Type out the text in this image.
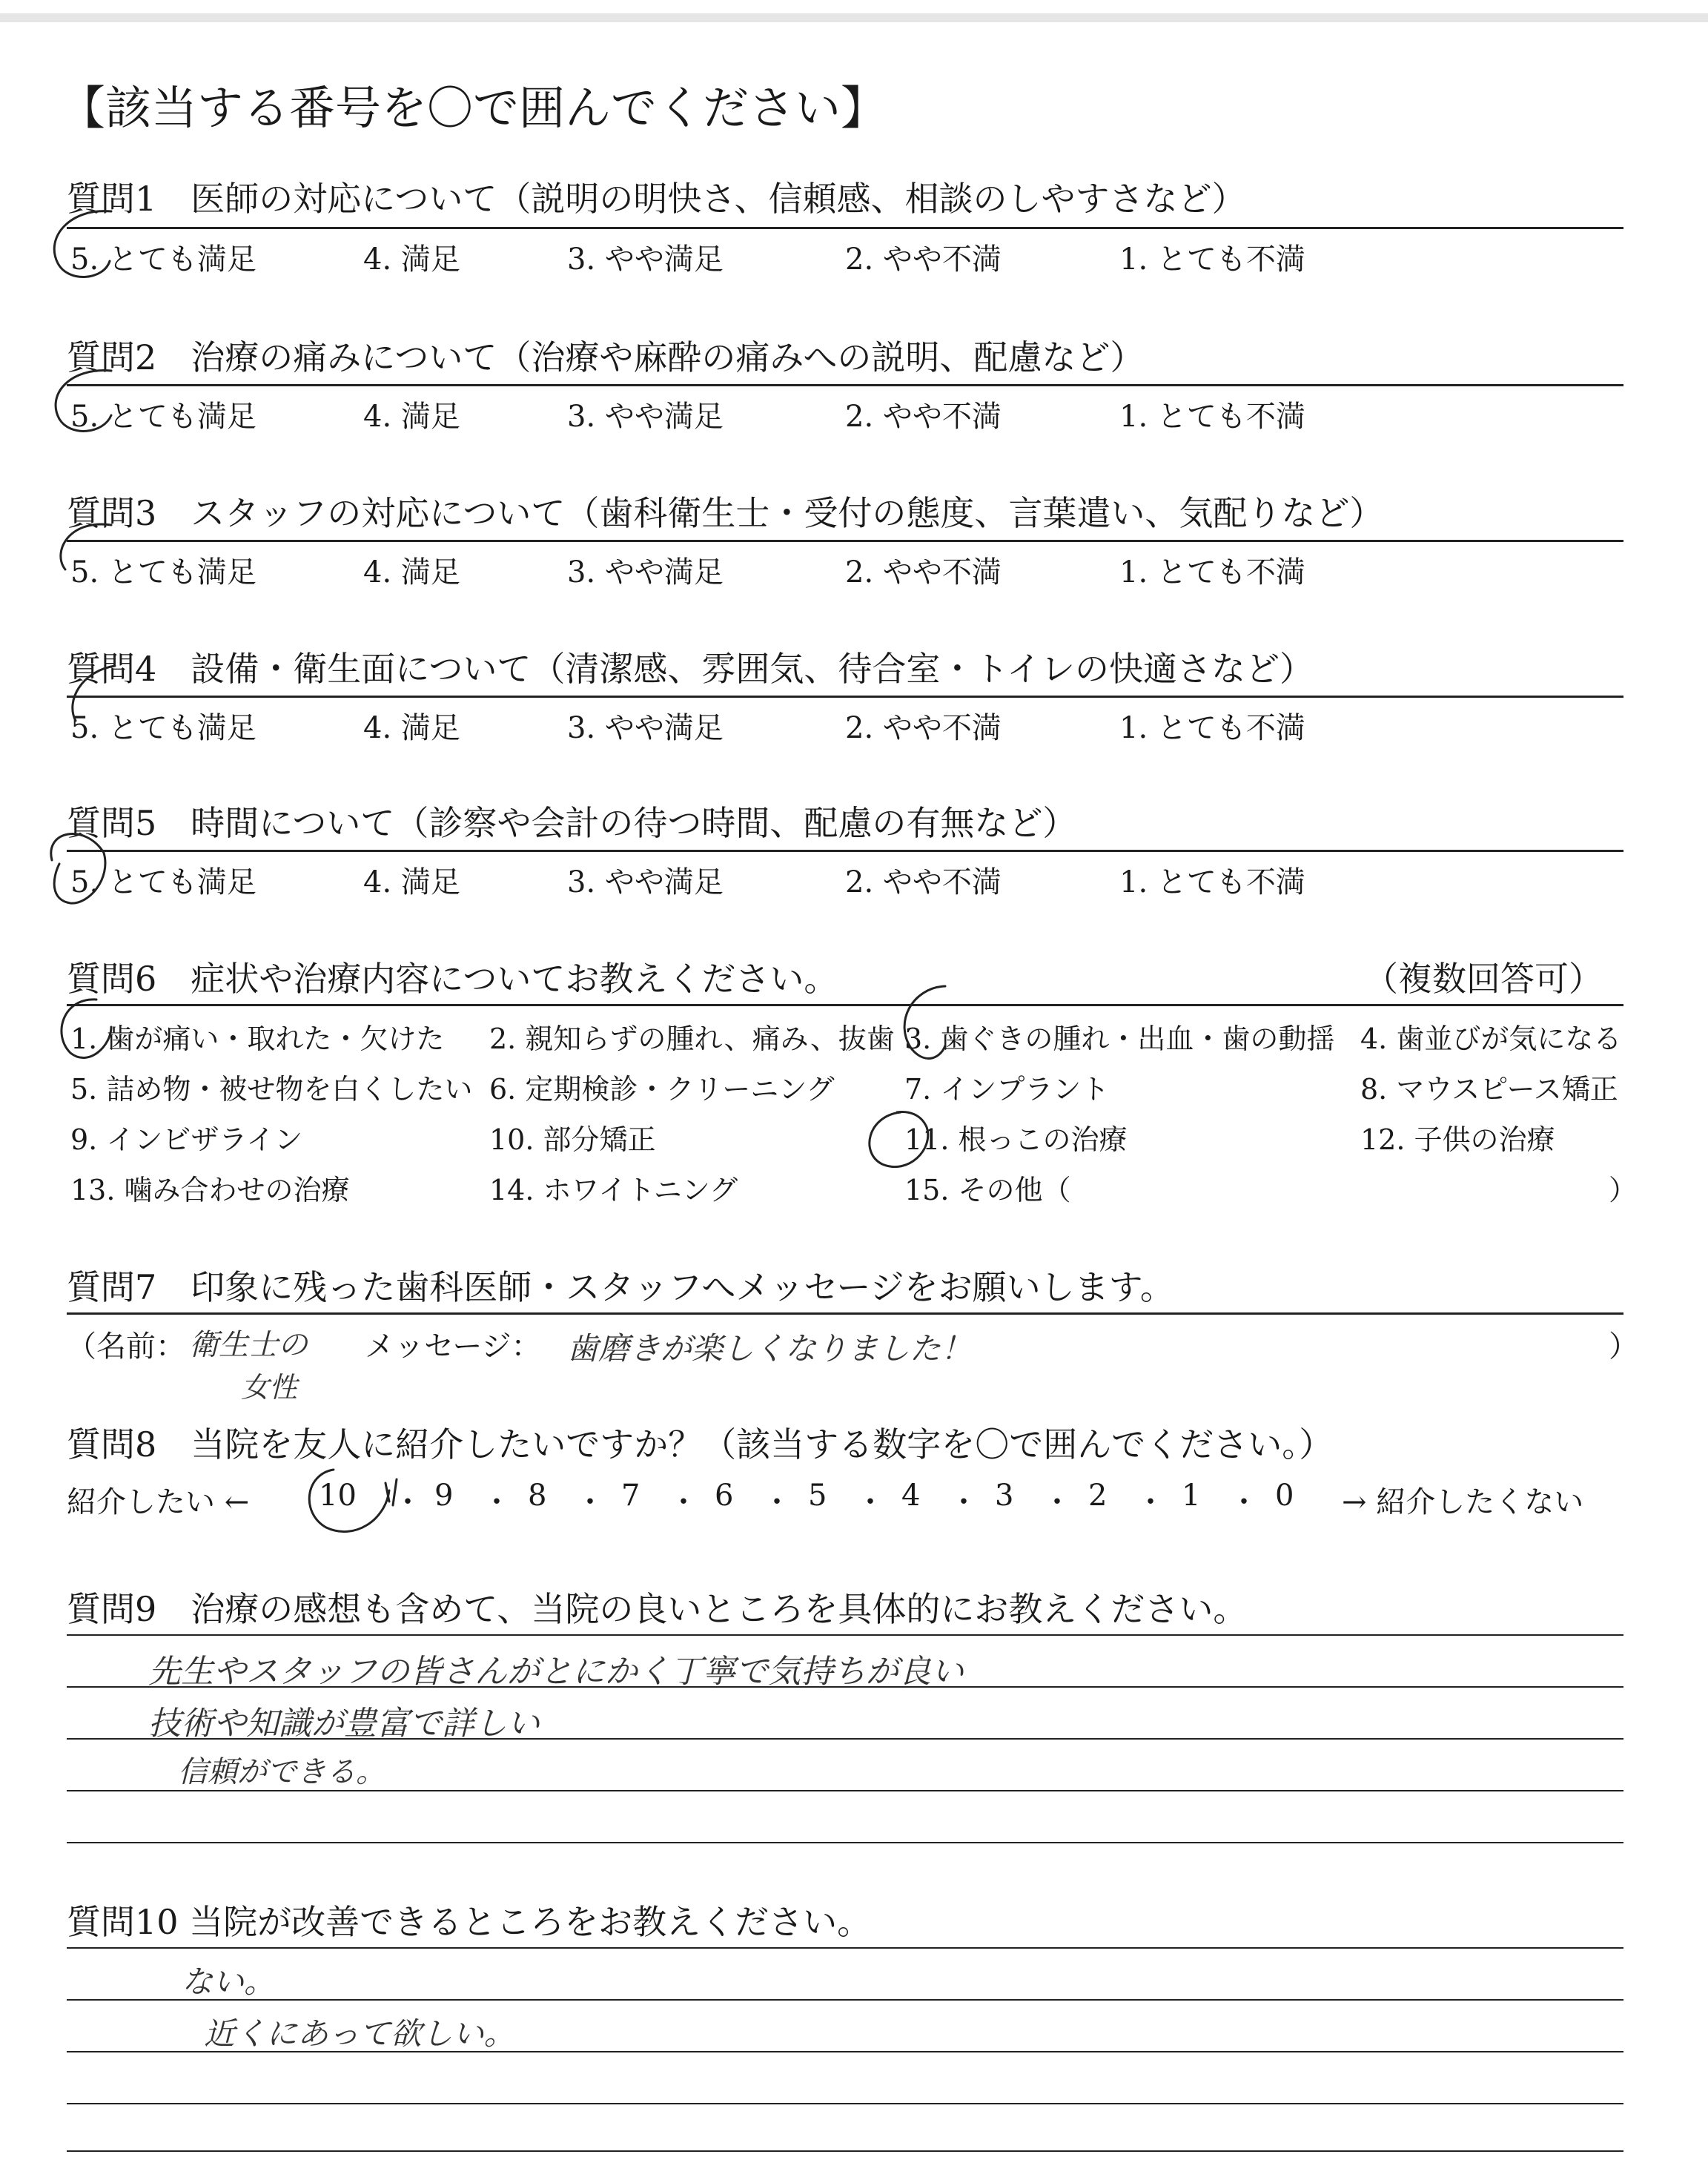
【該当する番号を〇で囲んでください】
質問1　医師の対応について（説明の明快さ、信頼感、相談のしやすさなど）
5. とても満足	4. 満足	3. やや満足	2. やや不満	1. とても不満
質問2　治療の痛みについて（治療や麻酔の痛みへの説明、配慮など）
5. とても満足	4. 満足	3. やや満足	2. やや不満	1. とても不満
質問3　スタッフの対応について（歯科衛生士・受付の態度、言葉遣い、気配りなど）
5. とても満足	4. 満足	3. やや満足	2. やや不満	1. とても不満
質問4　設備・衛生面について（清潔感、雰囲気、待合室・トイレの快適さなど）
5. とても満足	4. 満足	3. やや満足	2. やや不満	1. とても不満
質問5　時間について（診察や会計の待つ時間、配慮の有無など）
5. とても満足	4. 満足	3. やや満足	2. やや不満	1. とても不満
質問6　症状や治療内容についてお教えください。	（複数回答可）
1. 歯が痛い・取れた・欠けた 2. 親知らずの腫れ、痛み、抜歯 3. 歯ぐきの腫れ・出血・歯の動揺 4. 歯並びが気になる
5. 詰め物・被せ物を白くしたい 6. 定期検診・クリーニング 7. インプラント	8. マウスピース矯正
9. インビザライン	10. 部分矯正	11. 根っこの治療	12. 子供の治療
13. 噛み合わせの治療	14. ホワイトニング	15. その他（	）
質問7　印象に残った歯科医師・スタッフへメッセージをお願いします。
（名前： 衛生士の
女性
メッセージ： 歯磨きが楽しくなりました！	）
質問8　当院を友人に紹介したいですか？（該当する数字を〇で囲んでください。）
紹介したい ← 10 ・ 9 ・ 8 ・ 7 ・ 6 ・ 5 ・ 4 ・ 3 ・ 2 ・ 1 ・ 0 → 紹介したくない
質問9　治療の感想も含めて、当院の良いところを具体的にお教えください。
先生やスタッフの皆さんがとにかく丁寧で気持ちが良い
技術や知識が豊富で詳しい
信頼ができる。
質問10 当院が改善できるところをお教えください。
ない。
近くにあって欲しい。
